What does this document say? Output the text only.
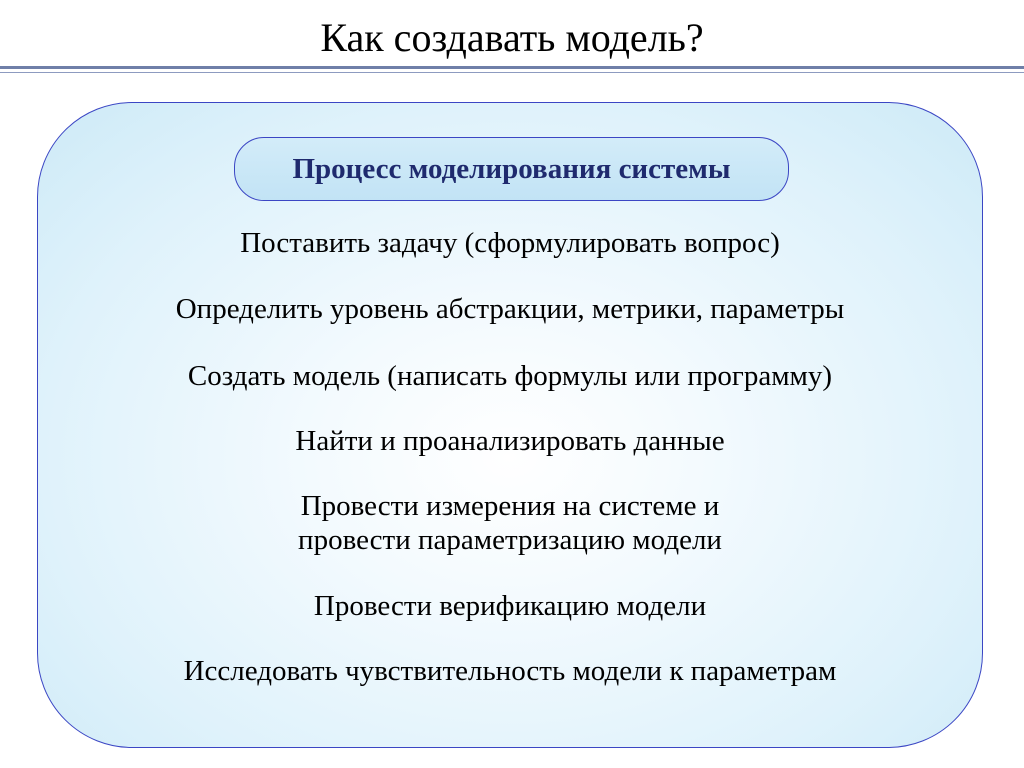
Как создавать модель?
Процесс моделирования системы
Поставить задачу (сформулировать вопрос)
Определить уровень абстракции, метрики, параметры
Создать модель (написать формулы или программу)
Найти и проанализировать данные
Провести измерения на системе и
провести параметризацию модели
Провести верификацию модели
Исследовать чувствительность модели к параметрам
